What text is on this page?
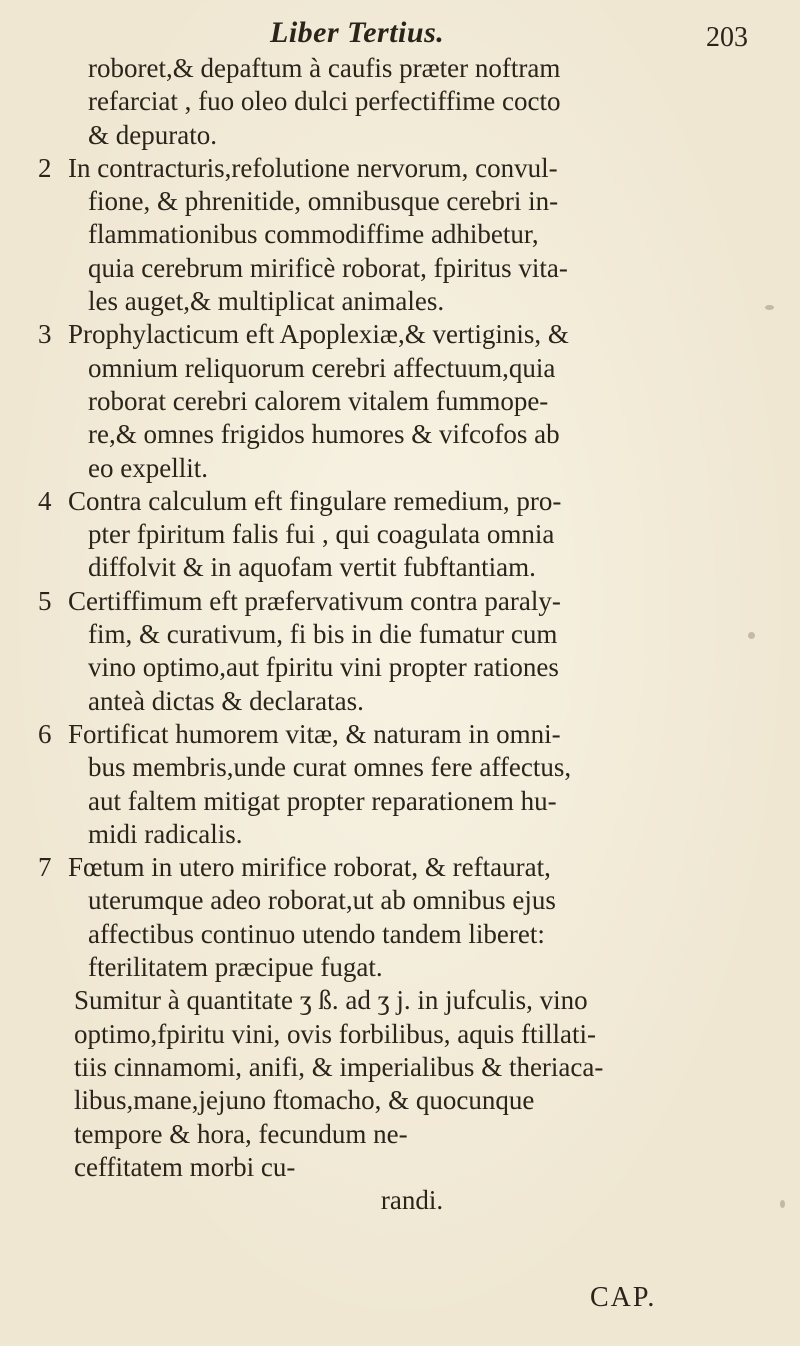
Liber Tertius.	203
roboret,& depaftum à caufis præter noftram
refarciat , fuo oleo dulci perfectiffime coctο
& depurato.
2 In contracturis,refolutione nervorum, convul-
fione, & phrenitide, omnibusque cerebri in-
flammationibus commodiffime adhibetur,
quia cerebrum mirificè roborat, fpiritus vita-
les auget,& multiplicat animales.
3 Prophylacticum eft Apoplexiæ,& vertiginis, &
omnium reliquorum cerebri affectuum,quia
roborat cerebri calorem vitalem fummope-
re,& omnes frigidos humores & vifcofos ab
eo expellit.
4 Contra calculum eft fingulare remedium, pro-
pter fpiritum falis fui , qui coagulata omnia
diffolvit & in aquofam vertit fubftantiam.
5 Certiffimum eft præfervativum contra paraly-
fim, & curativum, fi bis in die fumatur cum
vino optimo,aut fpiritu vini propter rationes
anteà dictas & declaratas.
6 Fortificat humorem vitæ, & naturam in omni-
bus membris,unde curat omnes fere affectus,
aut faltem mitigat propter reparationem hu-
midi radicalis.
7 Fœtum in utero mirifice roborat, & reftaurat,
uterumque adeo roborat,ut ab omnibus ejus
affectibus continuo utendo tandem liberet:
fterilitatem præcipue fugat.
Sumitur à quantitate ʒ ß. ad ʒ j. in jufculis, vino
optimo,fpiritu vini, ovis forbilibus, aquis ftillati-
tiis cinnamomi, anifi, & imperialibus & theriaca-
libus,mane,jejuno ftomacho, & quocunque
tempore & hora, fecundum ne-
ceffitatem morbi cu-
randi.
CAP.
